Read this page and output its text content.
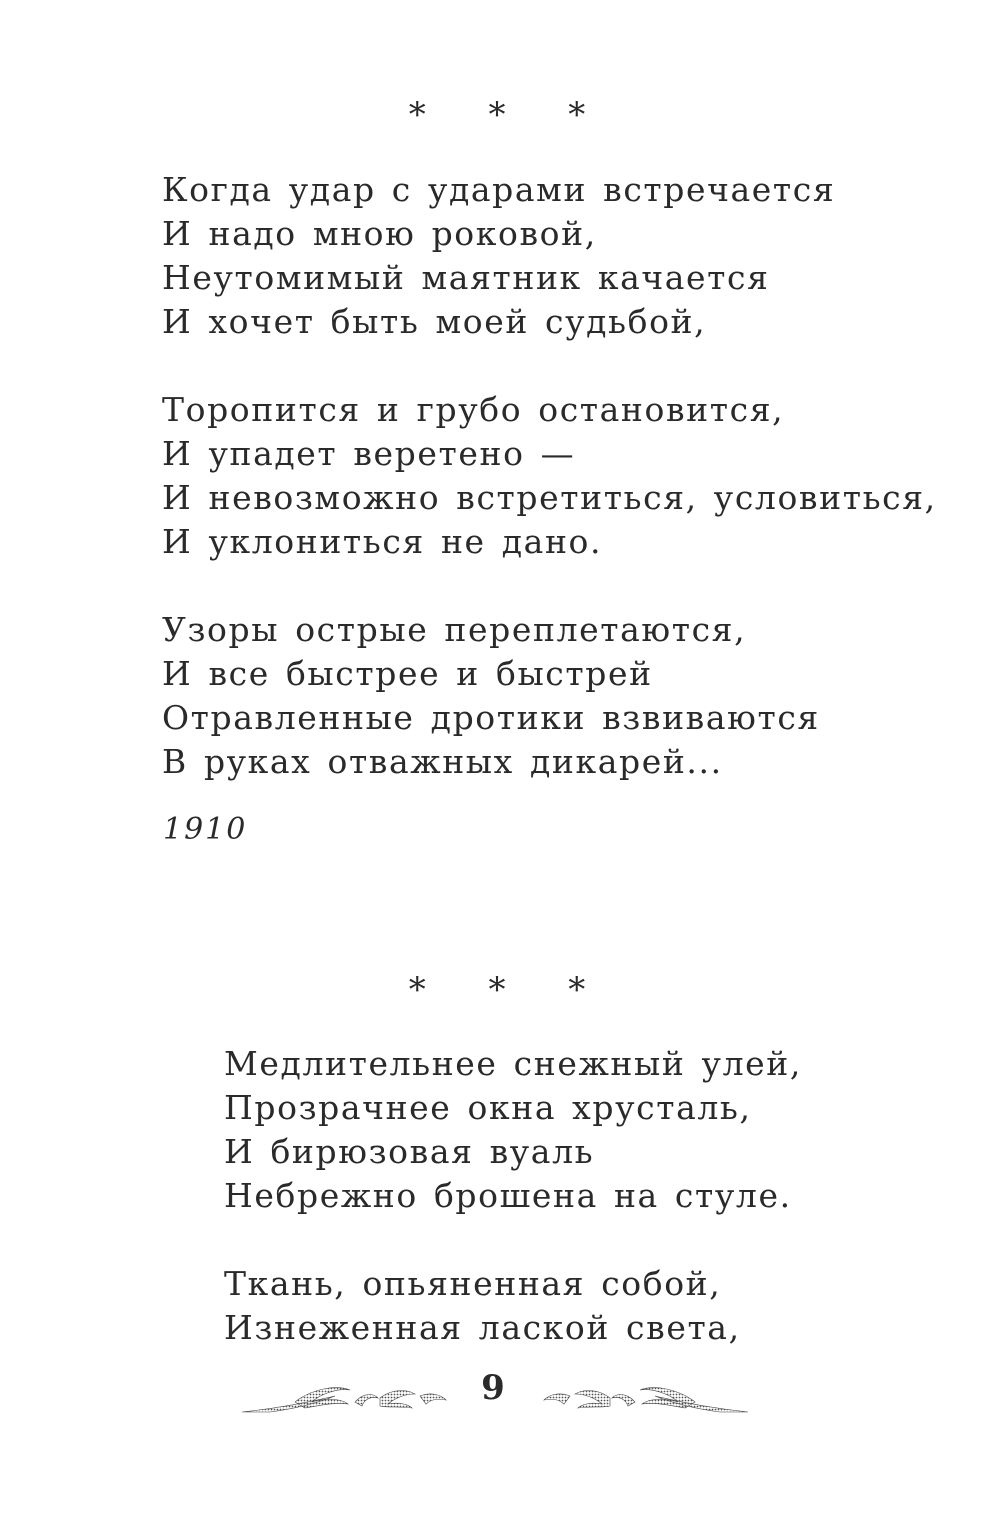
* * *
Когда удар с ударами встречается
И надо мною роковой,
Неутомимый маятник качается
И хочет быть моей судьбой,
Торопится и грубо остановится,
И упадет веретено —
И невозможно встретиться, условиться,
И уклониться не дано.
Узоры острые переплетаются,
И все быстрее и быстрей
Отравленные дротики взвиваются
В руках отважных дикарей...
1910
* * *
Медлительнее снежный улей,
Прозрачнее окна хрусталь,
И бирюзовая вуаль
Небрежно брошена на стуле.
Ткань, опьяненная собой,
Изнеженная лаской света,
9
